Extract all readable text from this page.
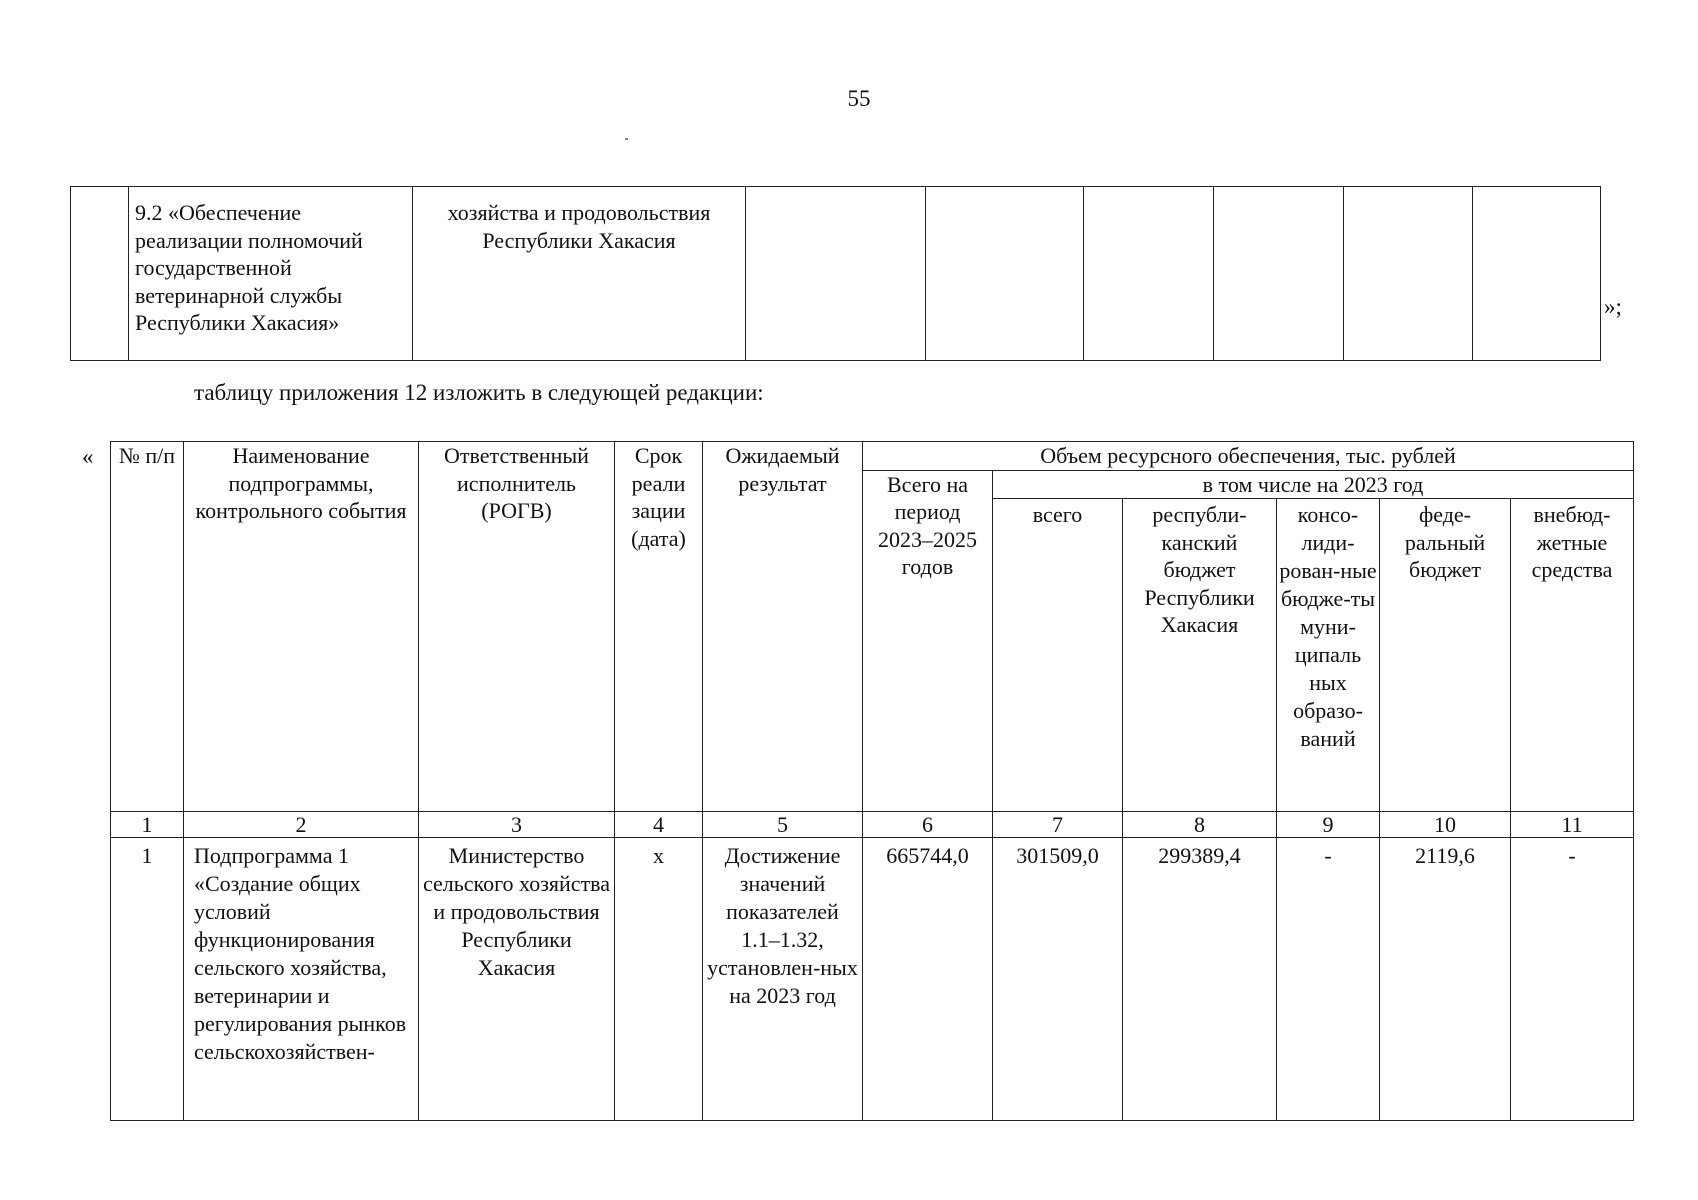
55
	9.2 «Обеспечение реализации полномочий государственной ветеринарной службы Республики Хакасия»	хозяйства и продовольствия Республики Хакасия						
»;
таблицу приложения 12 изложить в следующей редакции:
« № п/п	Наименование подпрограммы, контрольного события	Ответственный исполнитель (РОГВ)	Срок реали зации (дата)	Ожидаемый результат	Объем ресурсного обеспечения, тыс. рублей					
					Всего на период 2023–2025 годов	в том числе на 2023 год				
						всего	республи-канский бюджет Республики Хакасия	консо-лиди-рован-ные бюдже-ты муни-ципаль ных образо-ваний	феде-ральный бюджет	внебюд-жетные средства
1	2	3	4	5	6	7	8	9	10	11
1	Подпрограмма 1 «Создание общих условий функционирования сельского хозяйства, ветеринарии и регулирования рынков сельскохозяйствен-	Министерство сельского хозяйства и продовольствия Республики Хакасия	х	Достижение значений показателей 1.1–1.32, установлен-ных на 2023 год	665744,0	301509,0	299389,4	-	2119,6	-
